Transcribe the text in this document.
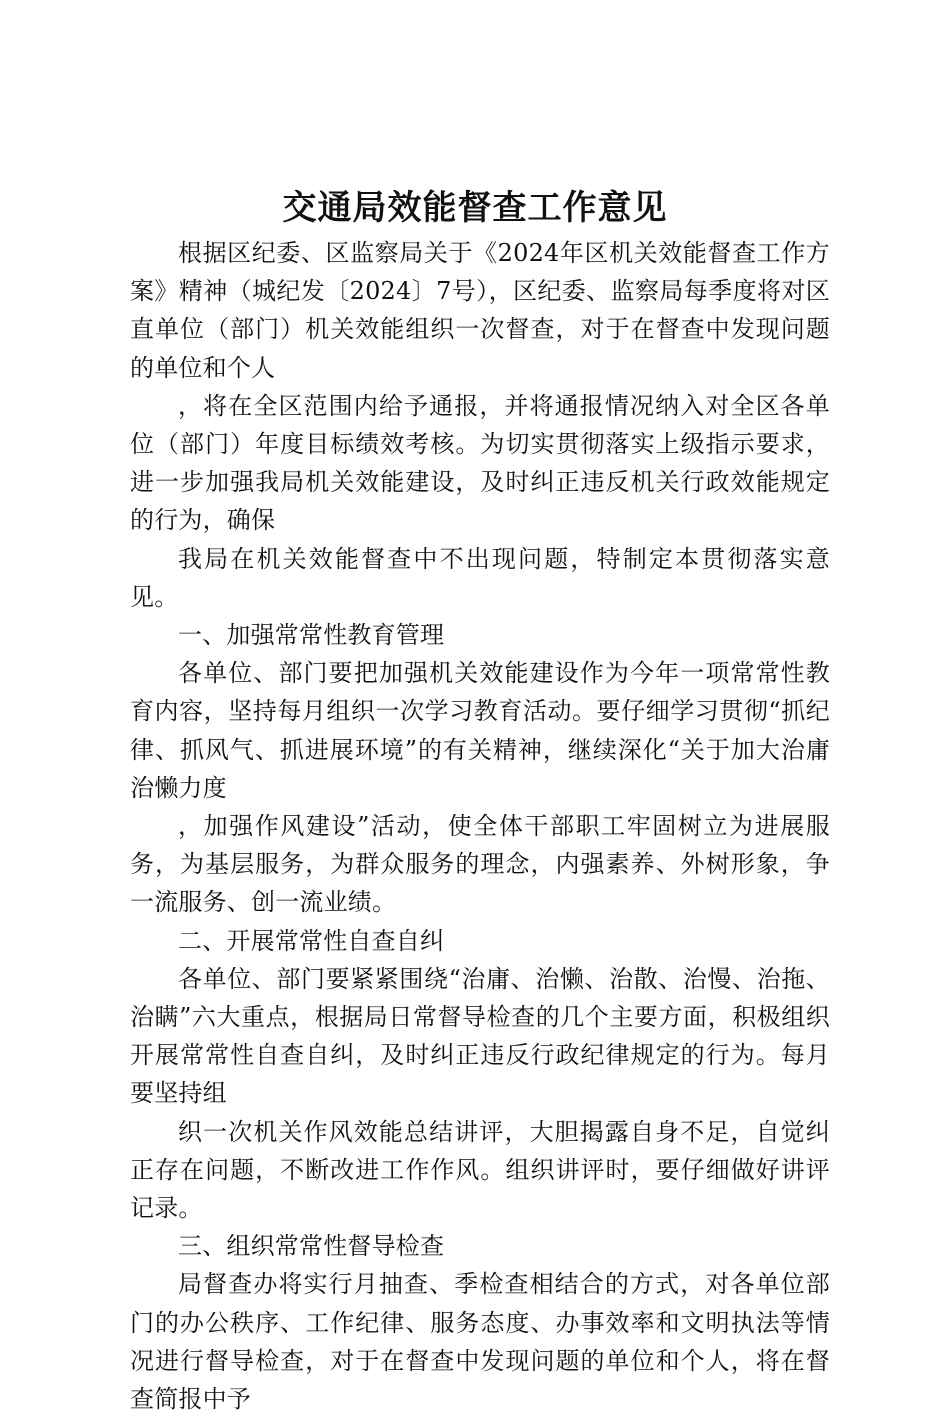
交通局效能督查工作意见

根据区纪委、区监察局关于《2024年区机关效能督查工作方案》精神（城纪发〔2024〕7号），区纪委、监察局每季度将对区直单位（部门）机关效能组织一次督查，对于在督查中发现问题的单位和个人

，将在全区范围内给予通报，并将通报情况纳入对全区各单位（部门）年度目标绩效考核。为切实贯彻落实上级指示要求，进一步加强我局机关效能建设，及时纠正违反机关行政效能规定的行为，确保

我局在机关效能督查中不出现问题，特制定本贯彻落实意见。

一、加强常常性教育管理

各单位、部门要把加强机关效能建设作为今年一项常常性教育内容，坚持每月组织一次学习教育活动。要仔细学习贯彻“抓纪律、抓风气、抓进展环境”的有关精神，继续深化“关于加大治庸治懒力度

，加强作风建设”活动，使全体干部职工牢固树立为进展服务，为基层服务，为群众服务的理念，内强素养、外树形象，争一流服务、创一流业绩。

二、开展常常性自查自纠

各单位、部门要紧紧围绕“治庸、治懒、治散、治慢、治拖、治瞒”六大重点，根据局日常督导检查的几个主要方面，积极组织开展常常性自查自纠，及时纠正违反行政纪律规定的行为。每月要坚持组

织一次机关作风效能总结讲评，大胆揭露自身不足，自觉纠正存在问题，不断改进工作作风。组织讲评时，要仔细做好讲评记录。

三、组织常常性督导检查

局督查办将实行月抽查、季检查相结合的方式，对各单位部门的办公秩序、工作纪律、服务态度、办事效率和文明执法等情况进行督导检查，对于在督查中发现问题的单位和个人，将在督查简报中予
